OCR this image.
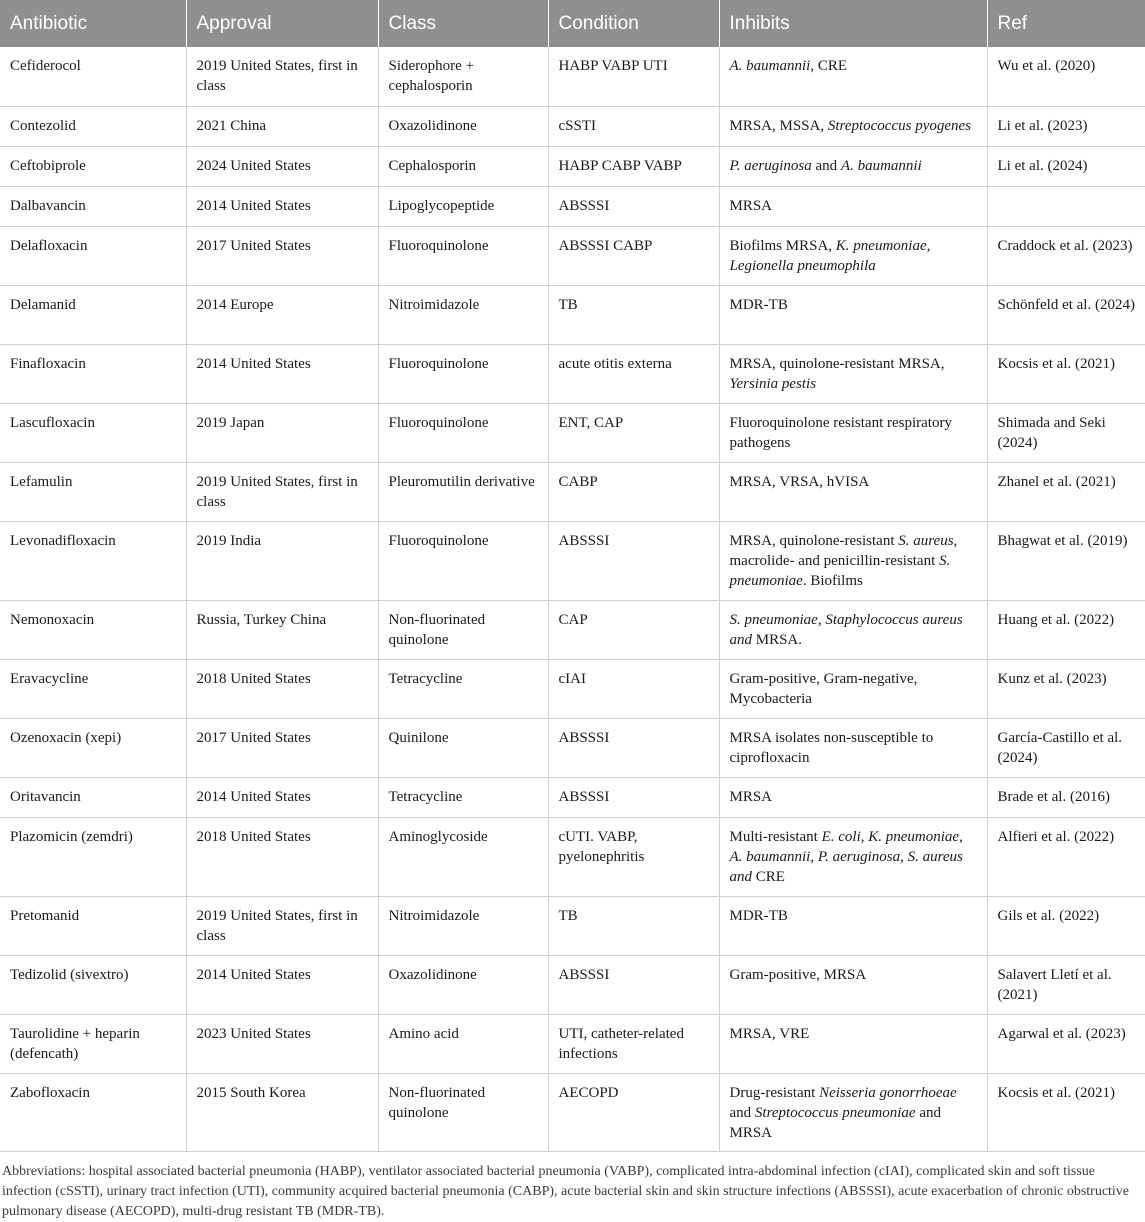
Antibiotic	Approval	Class	Condition	Inhibits	Ref
Cefiderocol	2019 United States, first in class	Siderophore + cephalosporin	HABP VABP UTI	A. baumannii, CRE	Wu et al. (2020)
Contezolid	2021 China	Oxazolidinone	cSSTI	MRSA, MSSA, Streptococcus pyogenes	Li et al. (2023)
Ceftobiprole	2024 United States	Cephalosporin	HABP CABP VABP	P. aeruginosa and A. baumannii	Li et al. (2024)
Dalbavancin	2014 United States	Lipoglycopeptide	ABSSSI	MRSA	
Delafloxacin	2017 United States	Fluoroquinolone	ABSSSI CABP	Biofilms MRSA, K. pneumoniae, Legionella pneumophila	Craddock et al. (2023)
Delamanid	2014 Europe	Nitroimidazole	TB	MDR-TB	Schönfeld et al. (2024)
Finafloxacin	2014 United States	Fluoroquinolone	acute otitis externa	MRSA, quinolone-resistant MRSA, Yersinia pestis	Kocsis et al. (2021)
Lascufloxacin	2019 Japan	Fluoroquinolone	ENT, CAP	Fluoroquinolone resistant respiratory pathogens	Shimada and Seki (2024)
Lefamulin	2019 United States, first in class	Pleuromutilin derivative	CABP	MRSA, VRSA, hVISA	Zhanel et al. (2021)
Levonadifloxacin	2019 India	Fluoroquinolone	ABSSSI	MRSA, quinolone-resistant S. aureus, macrolide- and penicillin-resistant S. pneumoniae. Biofilms	Bhagwat et al. (2019)
Nemonoxacin	Russia, Turkey China	Non-fluorinated quinolone	CAP	S. pneumoniae, Staphylococcus aureus and MRSA.	Huang et al. (2022)
Eravacycline	2018 United States	Tetracycline	cIAI	Gram-positive, Gram-negative, Mycobacteria	Kunz et al. (2023)
Ozenoxacin (xepi)	2017 United States	Quinilone	ABSSSI	MRSA isolates non-susceptible to ciprofloxacin	García-Castillo et al. (2024)
Oritavancin	2014 United States	Tetracycline	ABSSSI	MRSA	Brade et al. (2016)
Plazomicin (zemdri)	2018 United States	Aminoglycoside	cUTI. VABP, pyelonephritis	Multi-resistant E. coli, K. pneumoniae, A. baumannii, P. aeruginosa, S. aureus and CRE	Alfieri et al. (2022)
Pretomanid	2019 United States, first in class	Nitroimidazole	TB	MDR-TB	Gils et al. (2022)
Tedizolid (sivextro)	2014 United States	Oxazolidinone	ABSSSI	Gram-positive, MRSA	Salavert Lletí et al. (2021)
Taurolidine + heparin (defencath)	2023 United States	Amino acid	UTI, catheter-related infections	MRSA, VRE	Agarwal et al. (2023)
Zabofloxacin	2015 South Korea	Non-fluorinated quinolone	AECOPD	Drug-resistant Neisseria gonorrhoeae and Streptococcus pneumoniae and MRSA	Kocsis et al. (2021)
Abbreviations: hospital associated bacterial pneumonia (HABP), ventilator associated bacterial pneumonia (VABP), complicated intra-abdominal infection (cIAI), complicated skin and soft tissue infection (cSSTI), urinary tract infection (UTI), community acquired bacterial pneumonia (CABP), acute bacterial skin and skin structure infections (ABSSSI), acute exacerbation of chronic obstructive pulmonary disease (AECOPD), multi-drug resistant TB (MDR-TB).
